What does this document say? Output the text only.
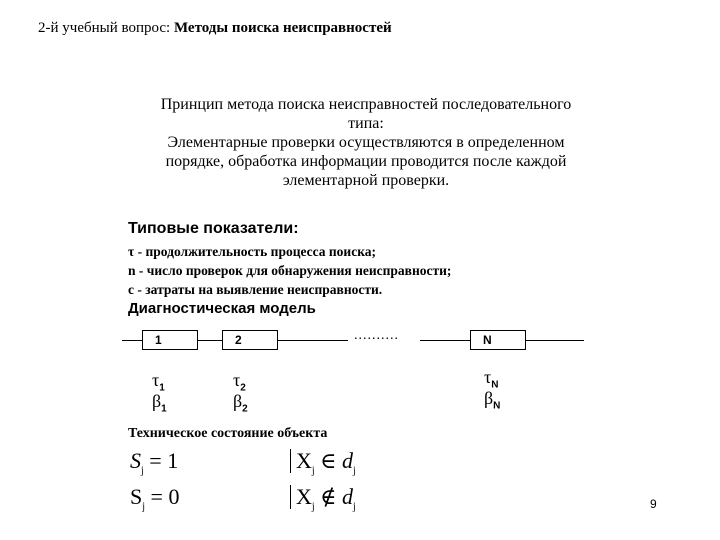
2-й учебный вопрос: Методы поиска неисправностей
Принцип метода поиска неисправностей последовательного
типа:
Элементарные проверки осуществляются в определенном
порядке, обработка информации проводится после каждой
элементарной проверки.
Типовые показатели:
τ - продолжительность процесса поиска;
n - число проверок для обнаружения неисправности;
c - затраты на выявление неисправности.
Диагностическая модель
1	2	..........	N
$\tau_1$
$\beta_1$
$\tau_2$
$\beta_2$
$\tau_N$
$\beta_N$
Техническое состояние объекта
$S_j = 1$	$X_j$ ∈ $d_j$
$S_j = 0$	$X_j$ ∉ $d_j$	9
